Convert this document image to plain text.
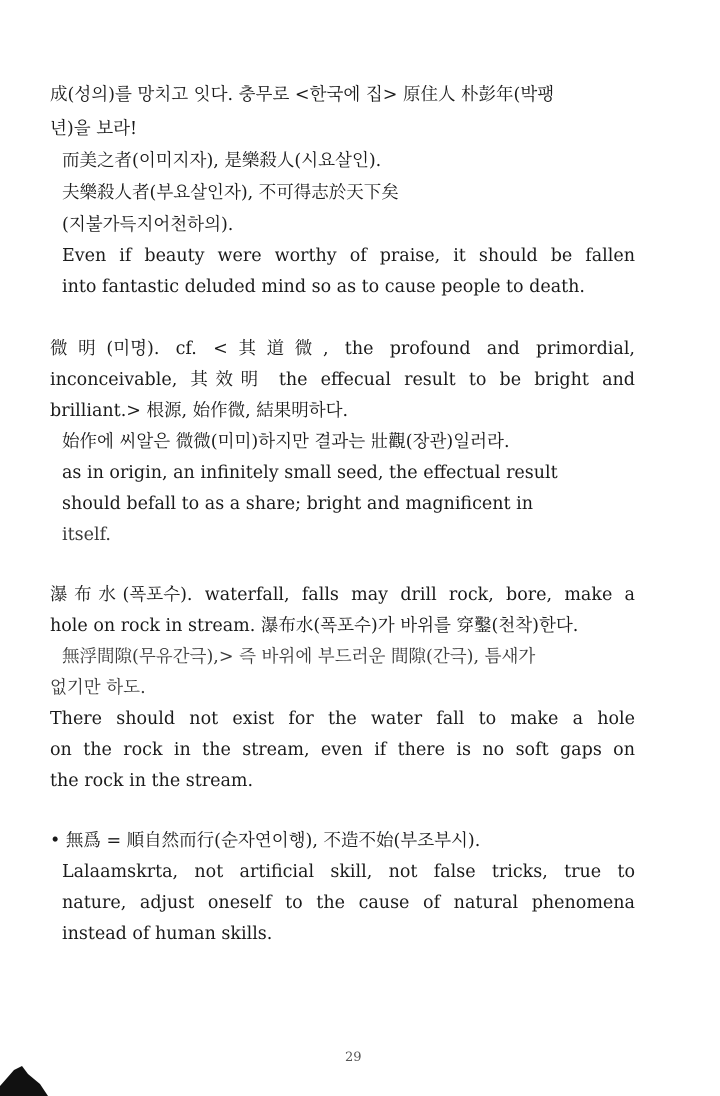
成(성의)를 망치고 잇다. 충무로 <한국에 집> 原住人 朴彭年(박팽
년)을 보라!
而美之者(이미지자), 是樂殺人(시요살인).
夫樂殺人者(부요살인자), 不可得志於天下矣
(지불가득지어천하의).
Even if beauty were worthy of praise, it should be fallen
into fantastic deluded mind so as to cause people to death.
微明(미명). cf. <其道微, the profound and primordial,
inconceivable, 其效明 the effecual result to be bright and
brilliant.> 根源, 始作微, 結果明하다.
始作에 씨알은 微微(미미)하지만 결과는 壯觀(장관)일러라.
as in origin, an infinitely small seed, the effectual result
should befall to as a share; bright and magnificent in
itself.
瀑布水(폭포수). waterfall, falls may drill rock, bore, make a
hole on rock in stream. 瀑布水(폭포수)가 바위를 穿鑿(천착)한다.
無浮間隙(무유간극),> 즉 바위에 부드러운 間隙(간극), 틈새가
없기만 하도.
There should not exist for the water fall to make a hole
on the rock in the stream, even if there is no soft gaps on
the rock in the stream.
• 無爲 = 順自然而行(순자연이행), 不造不始(부조부시).
Lalaamskrta, not artificial skill, not false tricks, true to
nature, adjust oneself to the cause of natural phenomena
instead of human skills.
29
